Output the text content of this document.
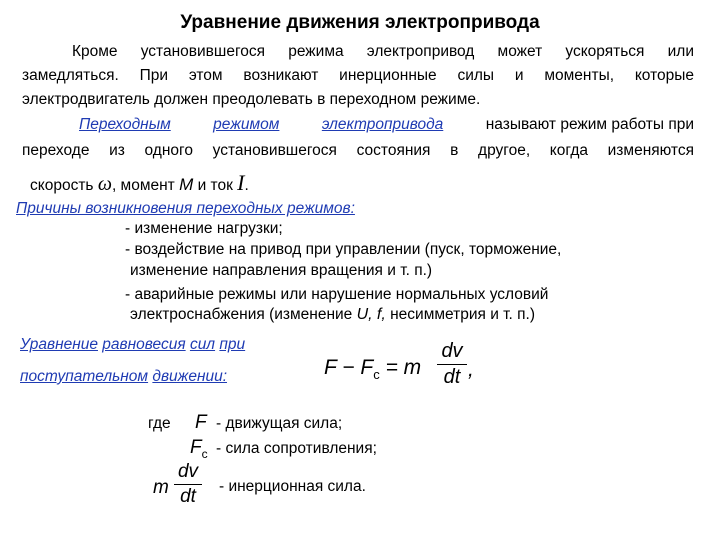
Уравнение движения электропривода
Кроме установившегося режима электропривод может ускоряться или
замедляться. При этом возникают инерционные силы и моменты, которые
электродвигатель должен преодолевать в переходном режиме.
Переходным	режимом	электропривода	называют режим работы при
переходе из одного установившегося состояния в другое, когда изменяются
скорость ω, момент М и ток I.
Причины возникновения переходных режимов:
- изменение нагрузки;
- воздействие на привод при управлении (пуск, торможение,
изменение направления вращения и т. п.)
- аварийные режимы или нарушение нормальных условий
электроснабжения (изменение U, f, несимметрия и т. п.)
Уравнение равновесия сил при
поступательном движении:	$F - F_c = m$
dv
dt ,
где F - движущая сила;
$F_c$ - сила сопротивления;
m
dv
dt	- инерционная сила.
